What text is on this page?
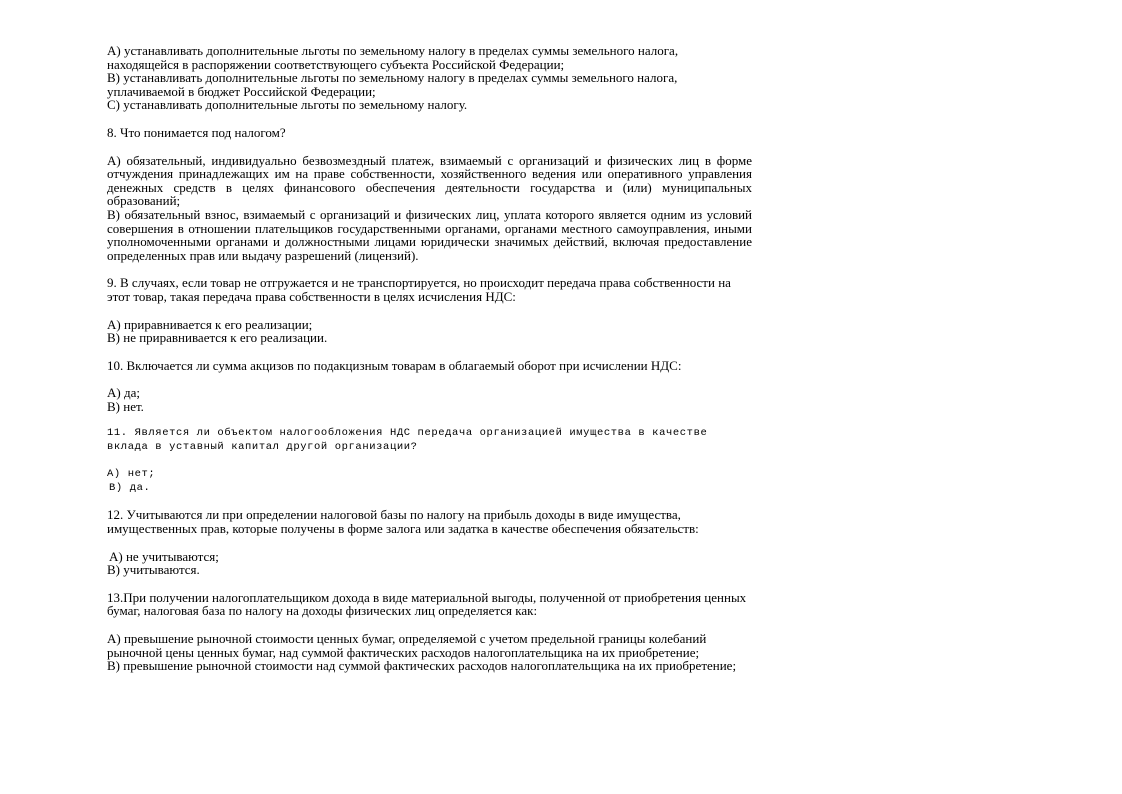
A) устанавливать дополнительные льготы по земельному налогу в пределах суммы земельного налога, находящейся в распоряжении соответствующего субъекта Российской Федерации;

B) устанавливать дополнительные льготы по земельному налогу в пределах суммы земельного налога, уплачиваемой в бюджет Российской Федерации;

C) устанавливать дополнительные льготы по земельному налогу.

8. Что понимается под налогом?

A) обязательный, индивидуально безвозмездный платеж, взимаемый с организаций и физических лиц в форме отчуждения принадлежащих им на праве собственности, хозяйственного ведения или оперативного управления денежных средств в целях финансового обеспечения деятельности государства и (или) муниципальных образований;

B) обязательный взнос, взимаемый с организаций и физических лиц, уплата которого является одним из условий совершения в отношении плательщиков государственными органами, органами местного самоуправления, иными уполномоченными органами и должностными лицами юридически значимых действий, включая предоставление определенных прав или выдачу разрешений (лицензий).

9. В случаях, если товар не отгружается и не транспортируется, но происходит передача права собственности на этот товар, такая передача права собственности в целях исчисления НДС:

A) приравнивается к его реализации;

B) не приравнивается к его реализации.

10. Включается ли сумма акцизов по подакцизным товарам в облагаемый оборот при исчислении НДС:

A) да;

B) нет.

11. Является ли объектом налогообложения НДС передача организацией имущества в качестве вклада в уставный капитал другой организации?

A) нет;

B) да.

12. Учитываются ли при определении налоговой базы по налогу на прибыль доходы в виде имущества, имущественных прав, которые получены в форме залога или задатка в качестве обеспечения обязательств:

A) не учитываются;

B) учитываются.

13.При получении налогоплательщиком дохода в виде материальной выгоды, полученной от приобретения ценных бумаг, налоговая база по налогу на доходы физических лиц определяется как:

A) превышение рыночной стоимости ценных бумаг, определяемой с учетом предельной границы колебаний рыночной цены ценных бумаг, над суммой фактических расходов налогоплательщика на их приобретение;

B) превышение рыночной стоимости над суммой фактических расходов налогоплательщика на их приобретение;
